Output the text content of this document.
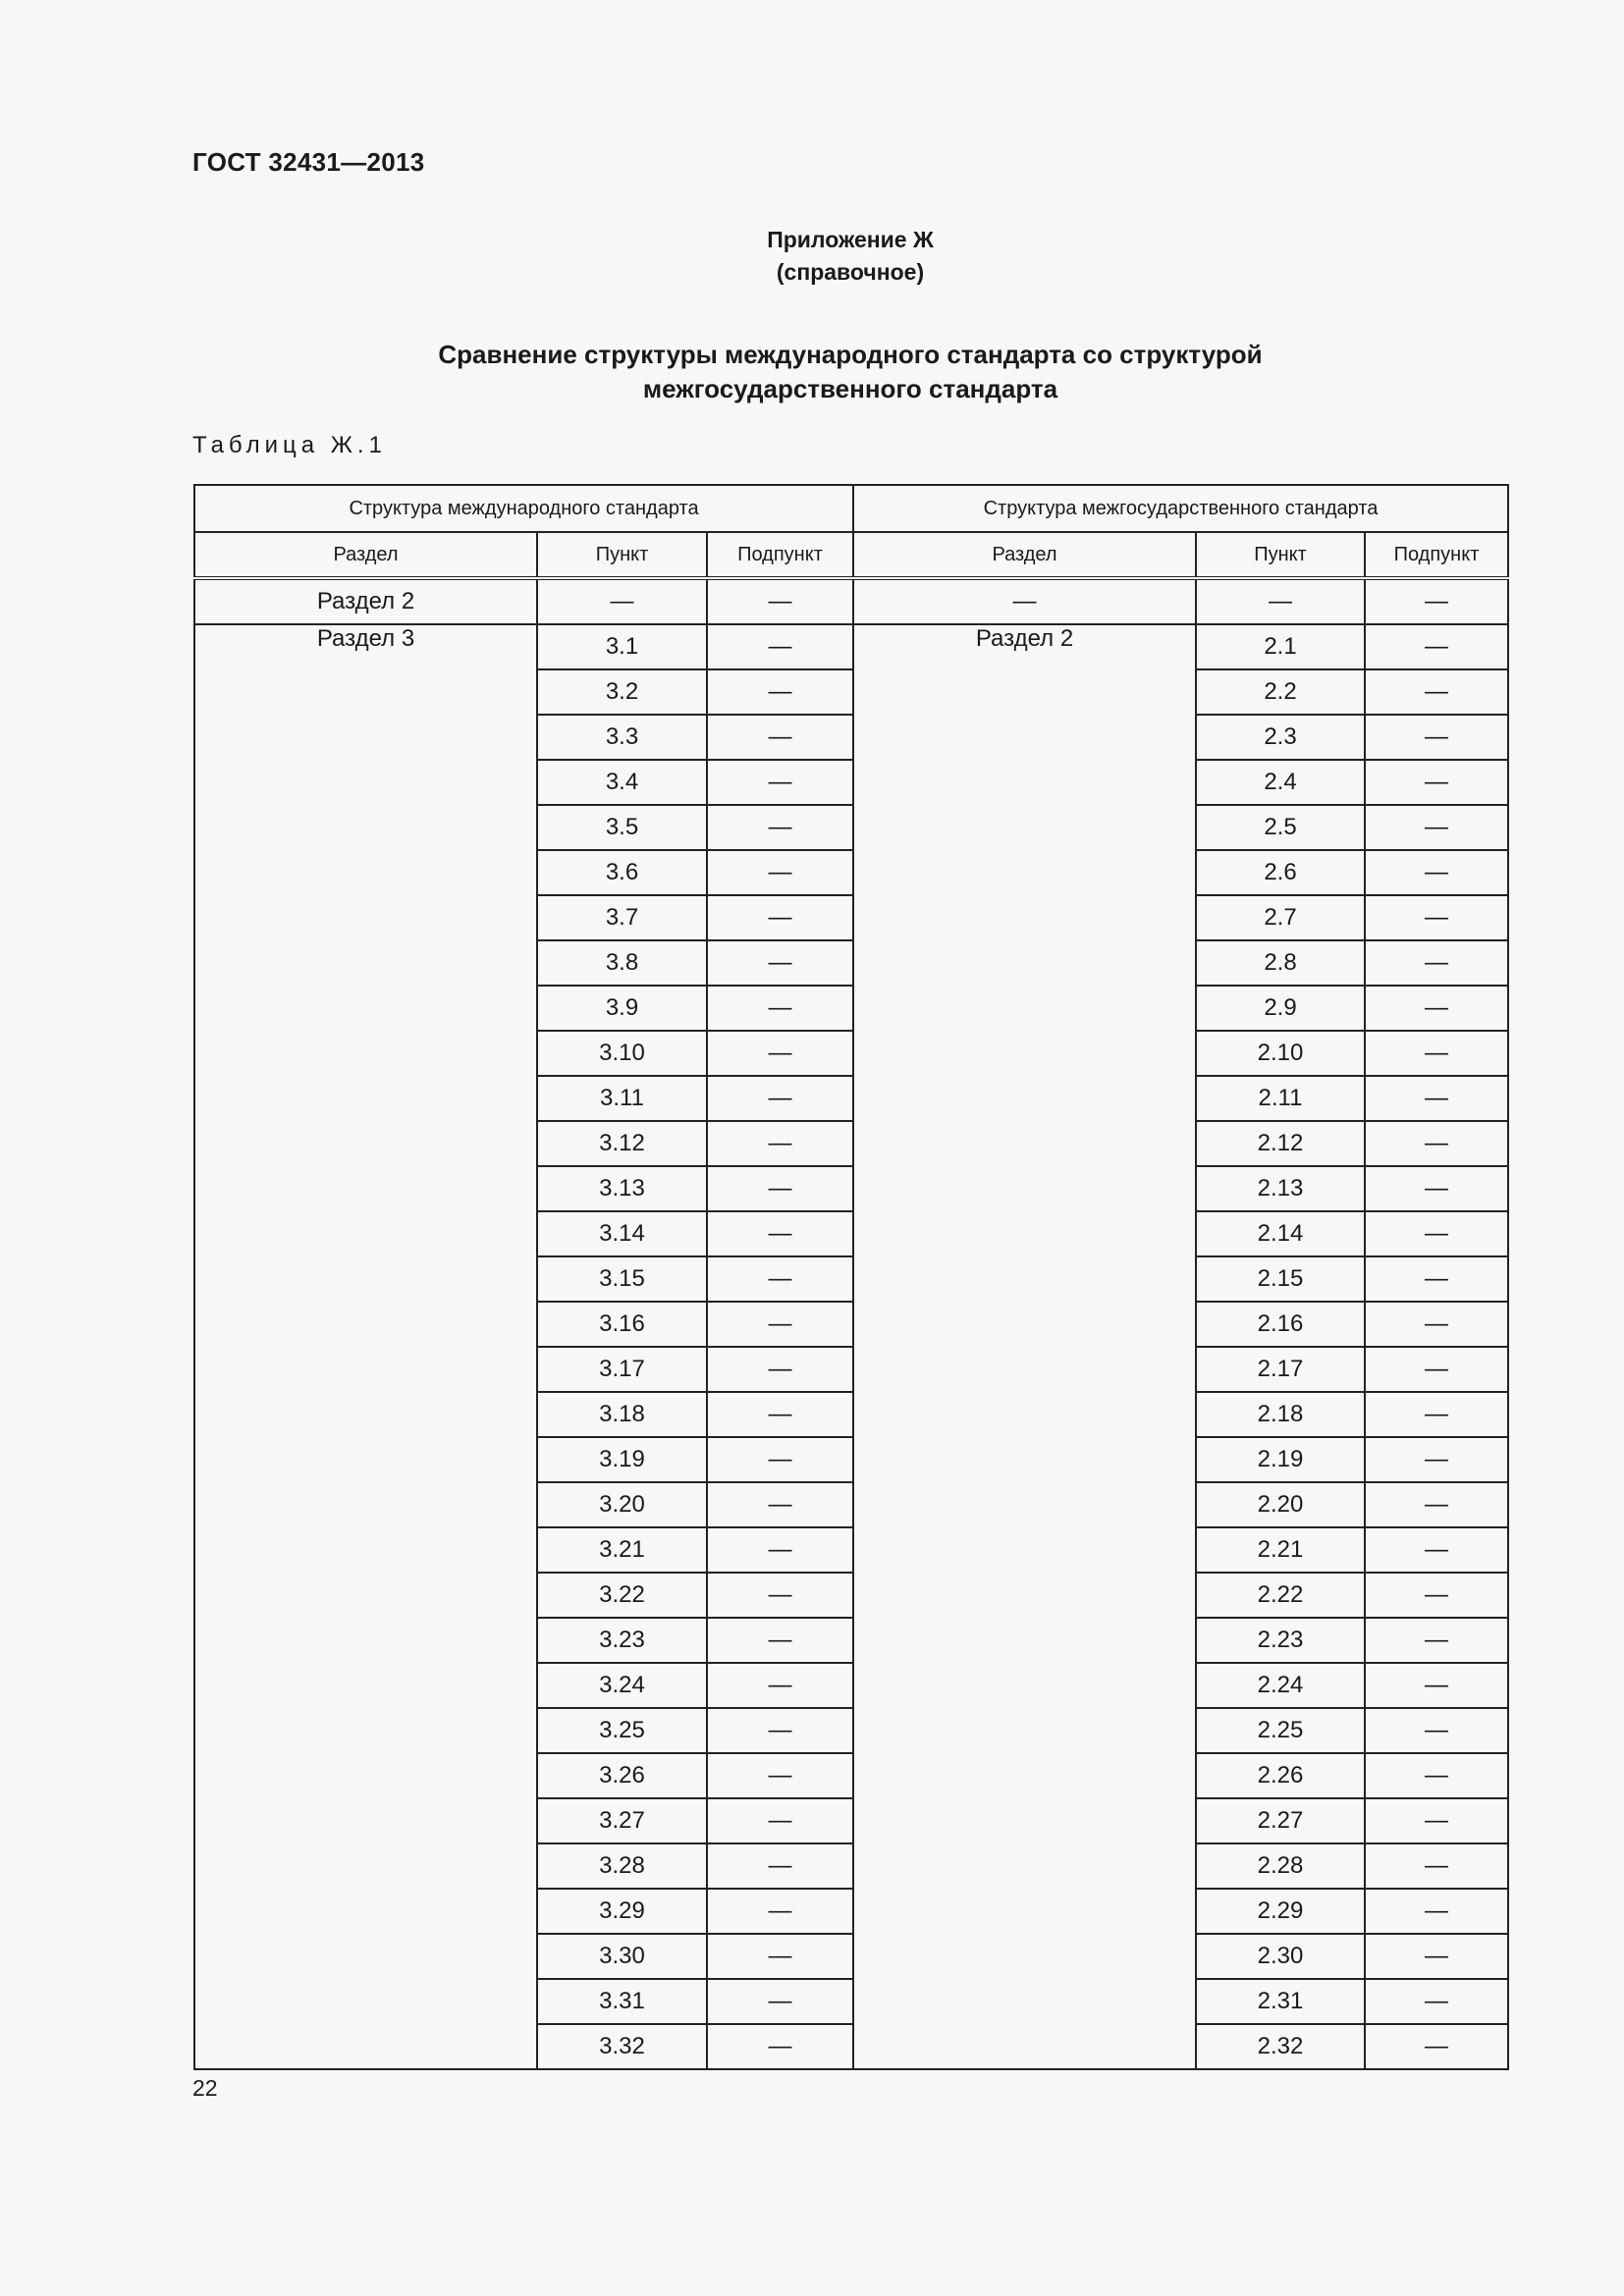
ГОСТ 32431—2013
Приложение Ж
(справочное)
Сравнение структуры международного стандарта со структурой
межгосударственного стандарта
Таблица Ж.1
Структура международного стандарта			Структура межгосударственного стандарта		
Раздел	Пункт	Подпункт	Раздел	Пункт	Подпункт
Раздел 2	—	—	—	—	—
Раздел 3	3.1	—	Раздел 2	2.1	—
	3.2	—		2.2	—
	3.3	—		2.3	—
	3.4	—		2.4	—
	3.5	—		2.5	—
	3.6	—		2.6	—
	3.7	—		2.7	—
	3.8	—		2.8	—
	3.9	—		2.9	—
	3.10	—		2.10	—
	3.11	—		2.11	—
	3.12	—		2.12	—
	3.13	—		2.13	—
	3.14	—		2.14	—
	3.15	—		2.15	—
	3.16	—		2.16	—
	3.17	—		2.17	—
	3.18	—		2.18	—
	3.19	—		2.19	—
	3.20	—		2.20	—
	3.21	—		2.21	—
	3.22	—		2.22	—
	3.23	—		2.23	—
	3.24	—		2.24	—
	3.25	—		2.25	—
	3.26	—		2.26	—
	3.27	—		2.27	—
	3.28	—		2.28	—
	3.29	—		2.29	—
	3.30	—		2.30	—
	3.31	—		2.31	—
	3.32	—		2.32	—
22
